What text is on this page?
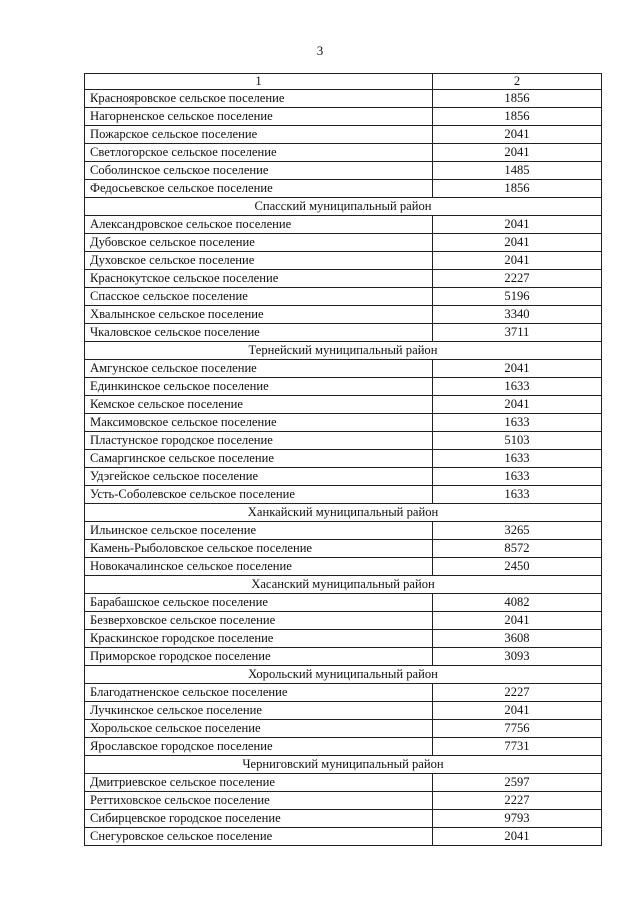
3
1	2
Краснояровское сельское поселение	1856
Нагорненское сельское поселение	1856
Пожарское сельское поселение	2041
Светлогорское сельское поселение	2041
Соболинское сельское поселение	1485
Федосьевское сельское поселение	1856
Спасский муниципальный район	
Александровское сельское поселение	2041
Дубовское сельское поселение	2041
Духовское сельское поселение	2041
Краснокутское сельское поселение	2227
Спасское сельское поселение	5196
Хвалынское сельское поселение	3340
Чкаловское сельское поселение	3711
Тернейский муниципальный район	
Амгунское сельское поселение	2041
Единкинское сельское поселение	1633
Кемское сельское поселение	2041
Максимовское сельское поселение	1633
Пластунское городское поселение	5103
Самаргинское сельское поселение	1633
Удэгейское сельское поселение	1633
Усть-Соболевское сельское поселение	1633
Ханкайский муниципальный район	
Ильинское сельское поселение	3265
Камень-Рыболовское сельское поселение	8572
Новокачалинское сельское поселение	2450
Хасанский муниципальный район	
Барабашское сельское поселение	4082
Безверховское сельское поселение	2041
Краскинское городское поселение	3608
Приморское городское поселение	3093
Хорольский муниципальный район	
Благодатненское сельское поселение	2227
Лучкинское сельское поселение	2041
Хорольское сельское поселение	7756
Ярославское городское поселение	7731
Черниговский муниципальный район	
Дмитриевское сельское поселение	2597
Реттиховское сельское поселение	2227
Сибирцевское городское поселение	9793
Снегуровское сельское поселение	2041
